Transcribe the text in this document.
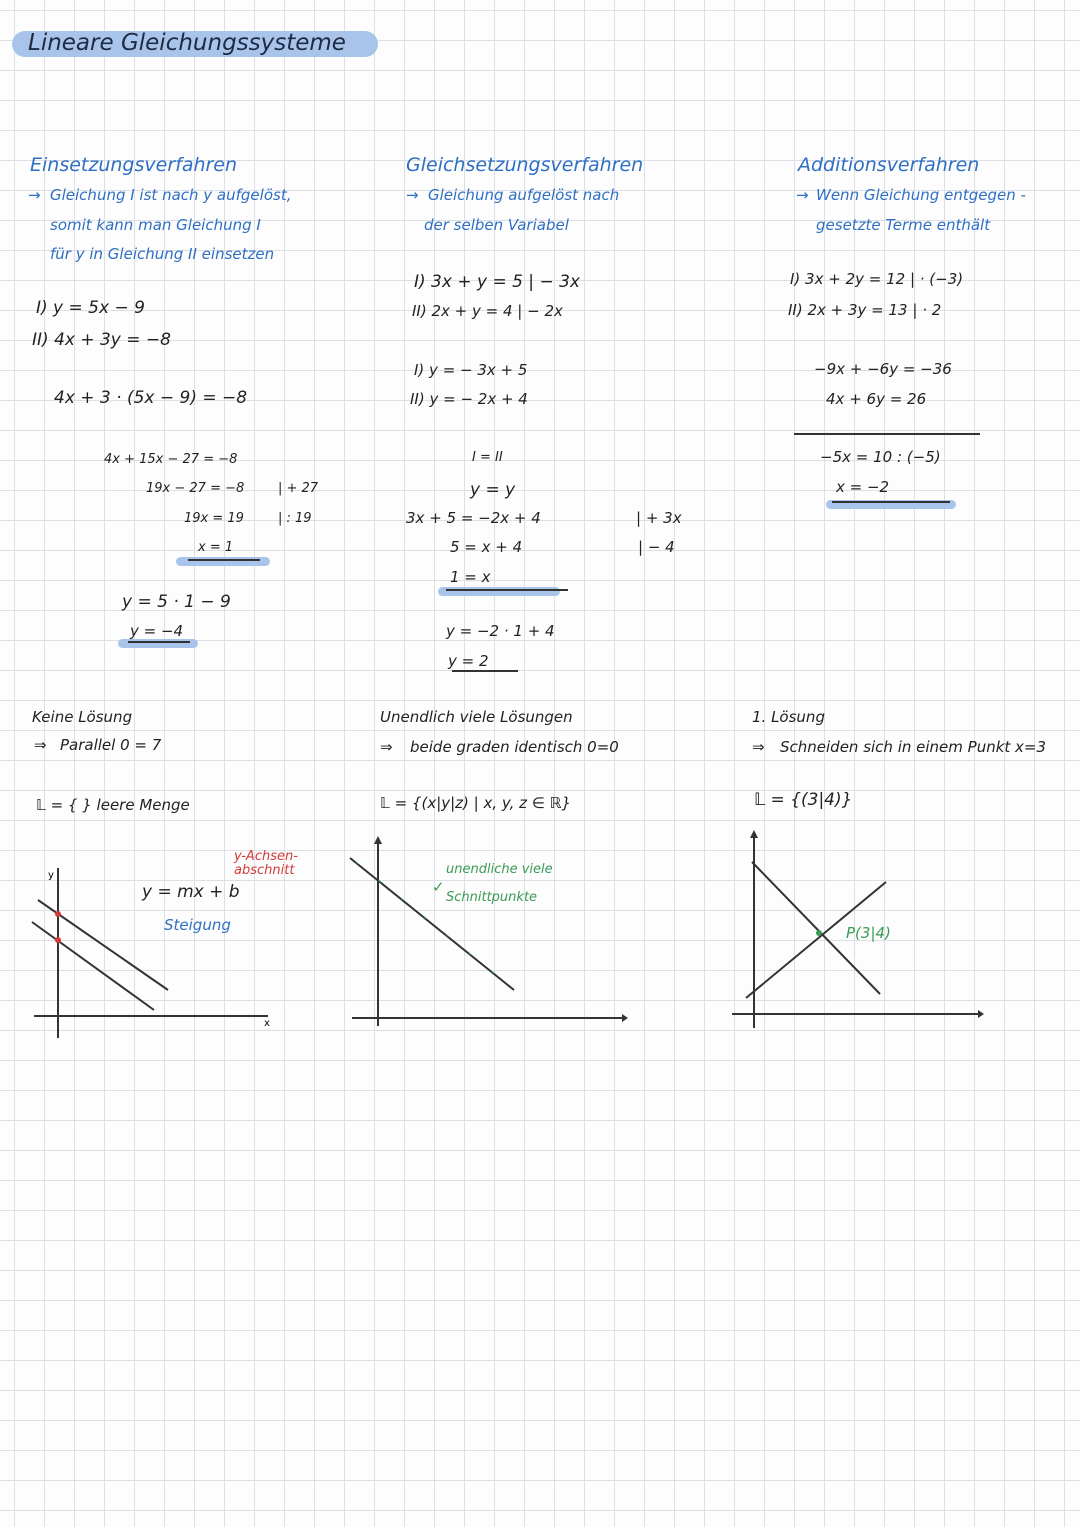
Lineare Gleichungssysteme
Einsetzungsverfahren
→ Gleichung I ist nach y aufgelöst,
somit kann man Gleichung I
für y in Gleichung II einsetzen
I) y = 5x − 9
II) 4x + 3y = −8
4x + 3 · (5x − 9) = −8
4x + 15x − 27 = −8
19x − 27 = −8	| + 27
19x = 19	| : 19
x = 1
y = 5 · 1 − 9
y = −4
Gleichsetzungsverfahren
→ Gleichung aufgelöst nach
der selben Variabel
I) 3x + y = 5 | − 3x
II) 2x + y = 4 | − 2x
I) y = − 3x + 5
II) y = − 2x + 4
I = II
y = y
3x + 5 = −2x + 4	| + 3x
5 = x + 4	| − 4
1 = x
y = −2 · 1 + 4
y = 2
Additionsverfahren
→ Wenn Gleichung entgegen -
gesetzte Terme enthält
I) 3x + 2y = 12 | · (−3)
II) 2x + 3y = 13 | · 2
−9x + −6y = −36
4x + 6y = 26
−5x = 10 : (−5)
x = −2
Keine Lösung
⇒ Parallel 0 = 7
𝕃 = { } leere Menge
y = mx + b
Steigung
y-Achsen-abschnitt
x
y
Unendlich viele Lösungen
⇒ beide graden identisch 0=0
𝕃 = {(x|y|z) | x, y, z ∈ ℝ}
unendliche viele Schnittpunkte
✓
1. Lösung
⇒ Schneiden sich in einem Punkt x=3
𝕃 = {(3|4)}
P(3|4)
